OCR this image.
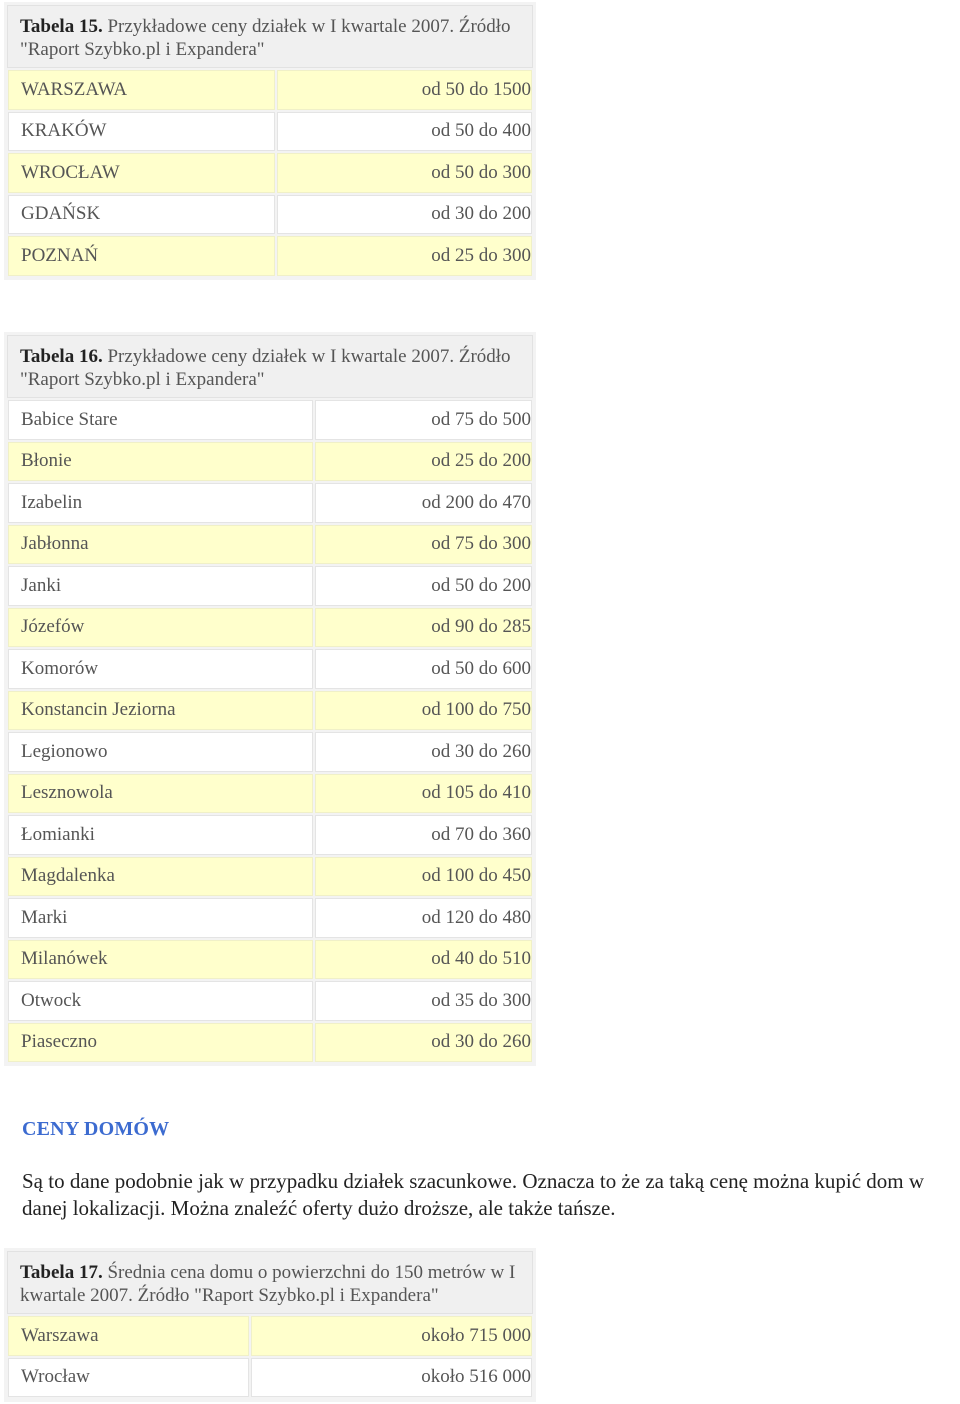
Tabela 15. Przykładowe ceny działek w I kwartale 2007. Źródło "Raport Szybko.pl i Expandera"
WARSZAWA	od 50 do 1500
KRAKÓW	od 50 do 400
WROCŁAW	od 50 do 300
GDAŃSK	od 30 do 200
POZNAŃ	od 25 do 300
Tabela 16. Przykładowe ceny działek w I kwartale 2007. Źródło "Raport Szybko.pl i Expandera"
Babice Stare	od 75 do 500
Błonie	od 25 do 200
Izabelin	od 200 do 470
Jabłonna	od 75 do 300
Janki	od 50 do 200
Józefów	od 90 do 285
Komorów	od 50 do 600
Konstancin Jeziorna	od 100 do 750
Legionowo	od 30 do 260
Lesznowola	od 105 do 410
Łomianki	od 70 do 360
Magdalenka	od 100 do 450
Marki	od 120 do 480
Milanówek	od 40 do 510
Otwock	od 35 do 300
Piaseczno	od 30 do 260
CENY DOMÓW
Są to dane podobnie jak w przypadku działek szacunkowe. Oznacza to że za taką cenę można kupić dom w danej lokalizacji. Można znaleźć oferty dużo droższe, ale także tańsze.
Tabela 17. Średnia cena domu o powierzchni do 150 metrów w I kwartale 2007. Źródło "Raport Szybko.pl i Expandera"
Warszawa	około 715 000
Wrocław	około 516 000
